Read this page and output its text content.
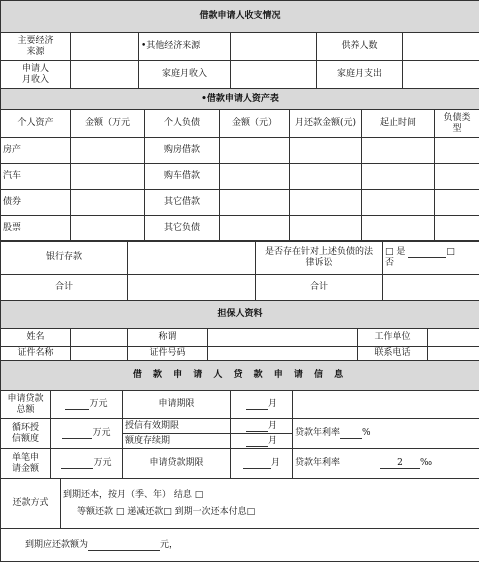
借款申请人收支情况					
主要经济
来源		•其他经济来源		供养人数	
申请人
月收入		家庭月收入		家庭月支出	
•借款申请人资产表						
个人资产	金额（万元	个人负债	金额（元）	月还款金额(元)	起止时间	负债类
型
房产		购房借款				
汽车		购车借款				
债券		其它借款				
股票		其它负债				
银行存款		是否存在针对上述负债的法
律诉讼	□ 是 □
否
合计		合计	
担保人资料					
姓名		称谓		工作单位	
证件名称		证件号码		联系电话	
借 款 申 请 人 贷 款 申 请 信 息
申请贷款
总额	万元	申请期限	月	
循环授
信额度	万元	授信有效期限	月	贷款年利率 %
		额度存续期	月	
单笔申
请金额	万元	申请贷款期限	月	贷款年利率 2 ‰
还款方式	
到期还本，按月（季、年） 结息 □
等额还款 □ 递减还款□ 到期一次还本付息□

到期应还款额为	元，
